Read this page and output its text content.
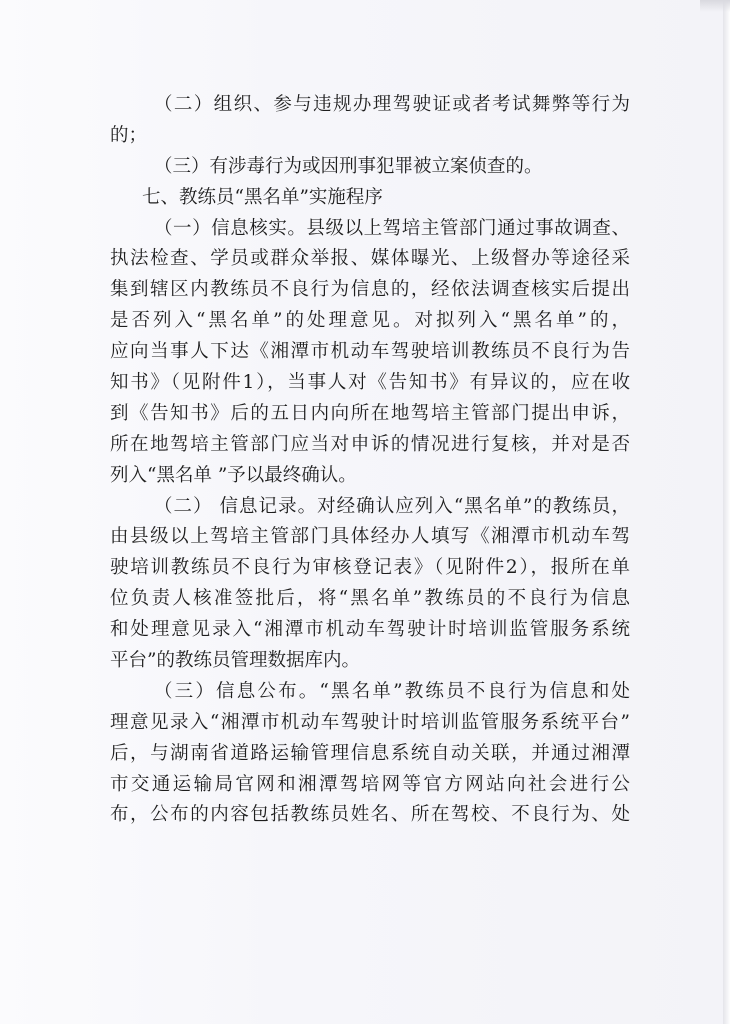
（二）组织、参与违规办理驾驶证或者考试舞弊等行为
的；
（三）有涉毒行为或因刑事犯罪被立案侦查的。
七、教练员“黑名单”实施程序
（一）信息核实。县级以上驾培主管部门通过事故调查、
执法检查、学员或群众举报、媒体曝光、上级督办等途径采
集到辖区内教练员不良行为信息的，经依法调查核实后提出
是否列入“黑名单”的处理意见。对拟列入“黑名单”的，
应向当事人下达《湘潭市机动车驾驶培训教练员不良行为告
知书》（见附件1），当事人对《告知书》有异议的，应在收
到《告知书》后的五日内向所在地驾培主管部门提出申诉，
所在地驾培主管部门应当对申诉的情况进行复核，并对是否
列入“黑名单 ”予以最终确认。
（二） 信息记录。对经确认应列入“黑名单”的教练员，
由县级以上驾培主管部门具体经办人填写《湘潭市机动车驾
驶培训教练员不良行为审核登记表》（见附件2），报所在单
位负责人核准签批后，将“黑名单”教练员的不良行为信息
和处理意见录入“湘潭市机动车驾驶计时培训监管服务系统
平台”的教练员管理数据库内。
（三）信息公布。“黑名单”教练员不良行为信息和处
理意见录入“湘潭市机动车驾驶计时培训监管服务系统平台”
后，与湖南省道路运输管理信息系统自动关联，并通过湘潭
市交通运输局官网和湘潭驾培网等官方网站向社会进行公
布，公布的内容包括教练员姓名、所在驾校、不良行为、处
